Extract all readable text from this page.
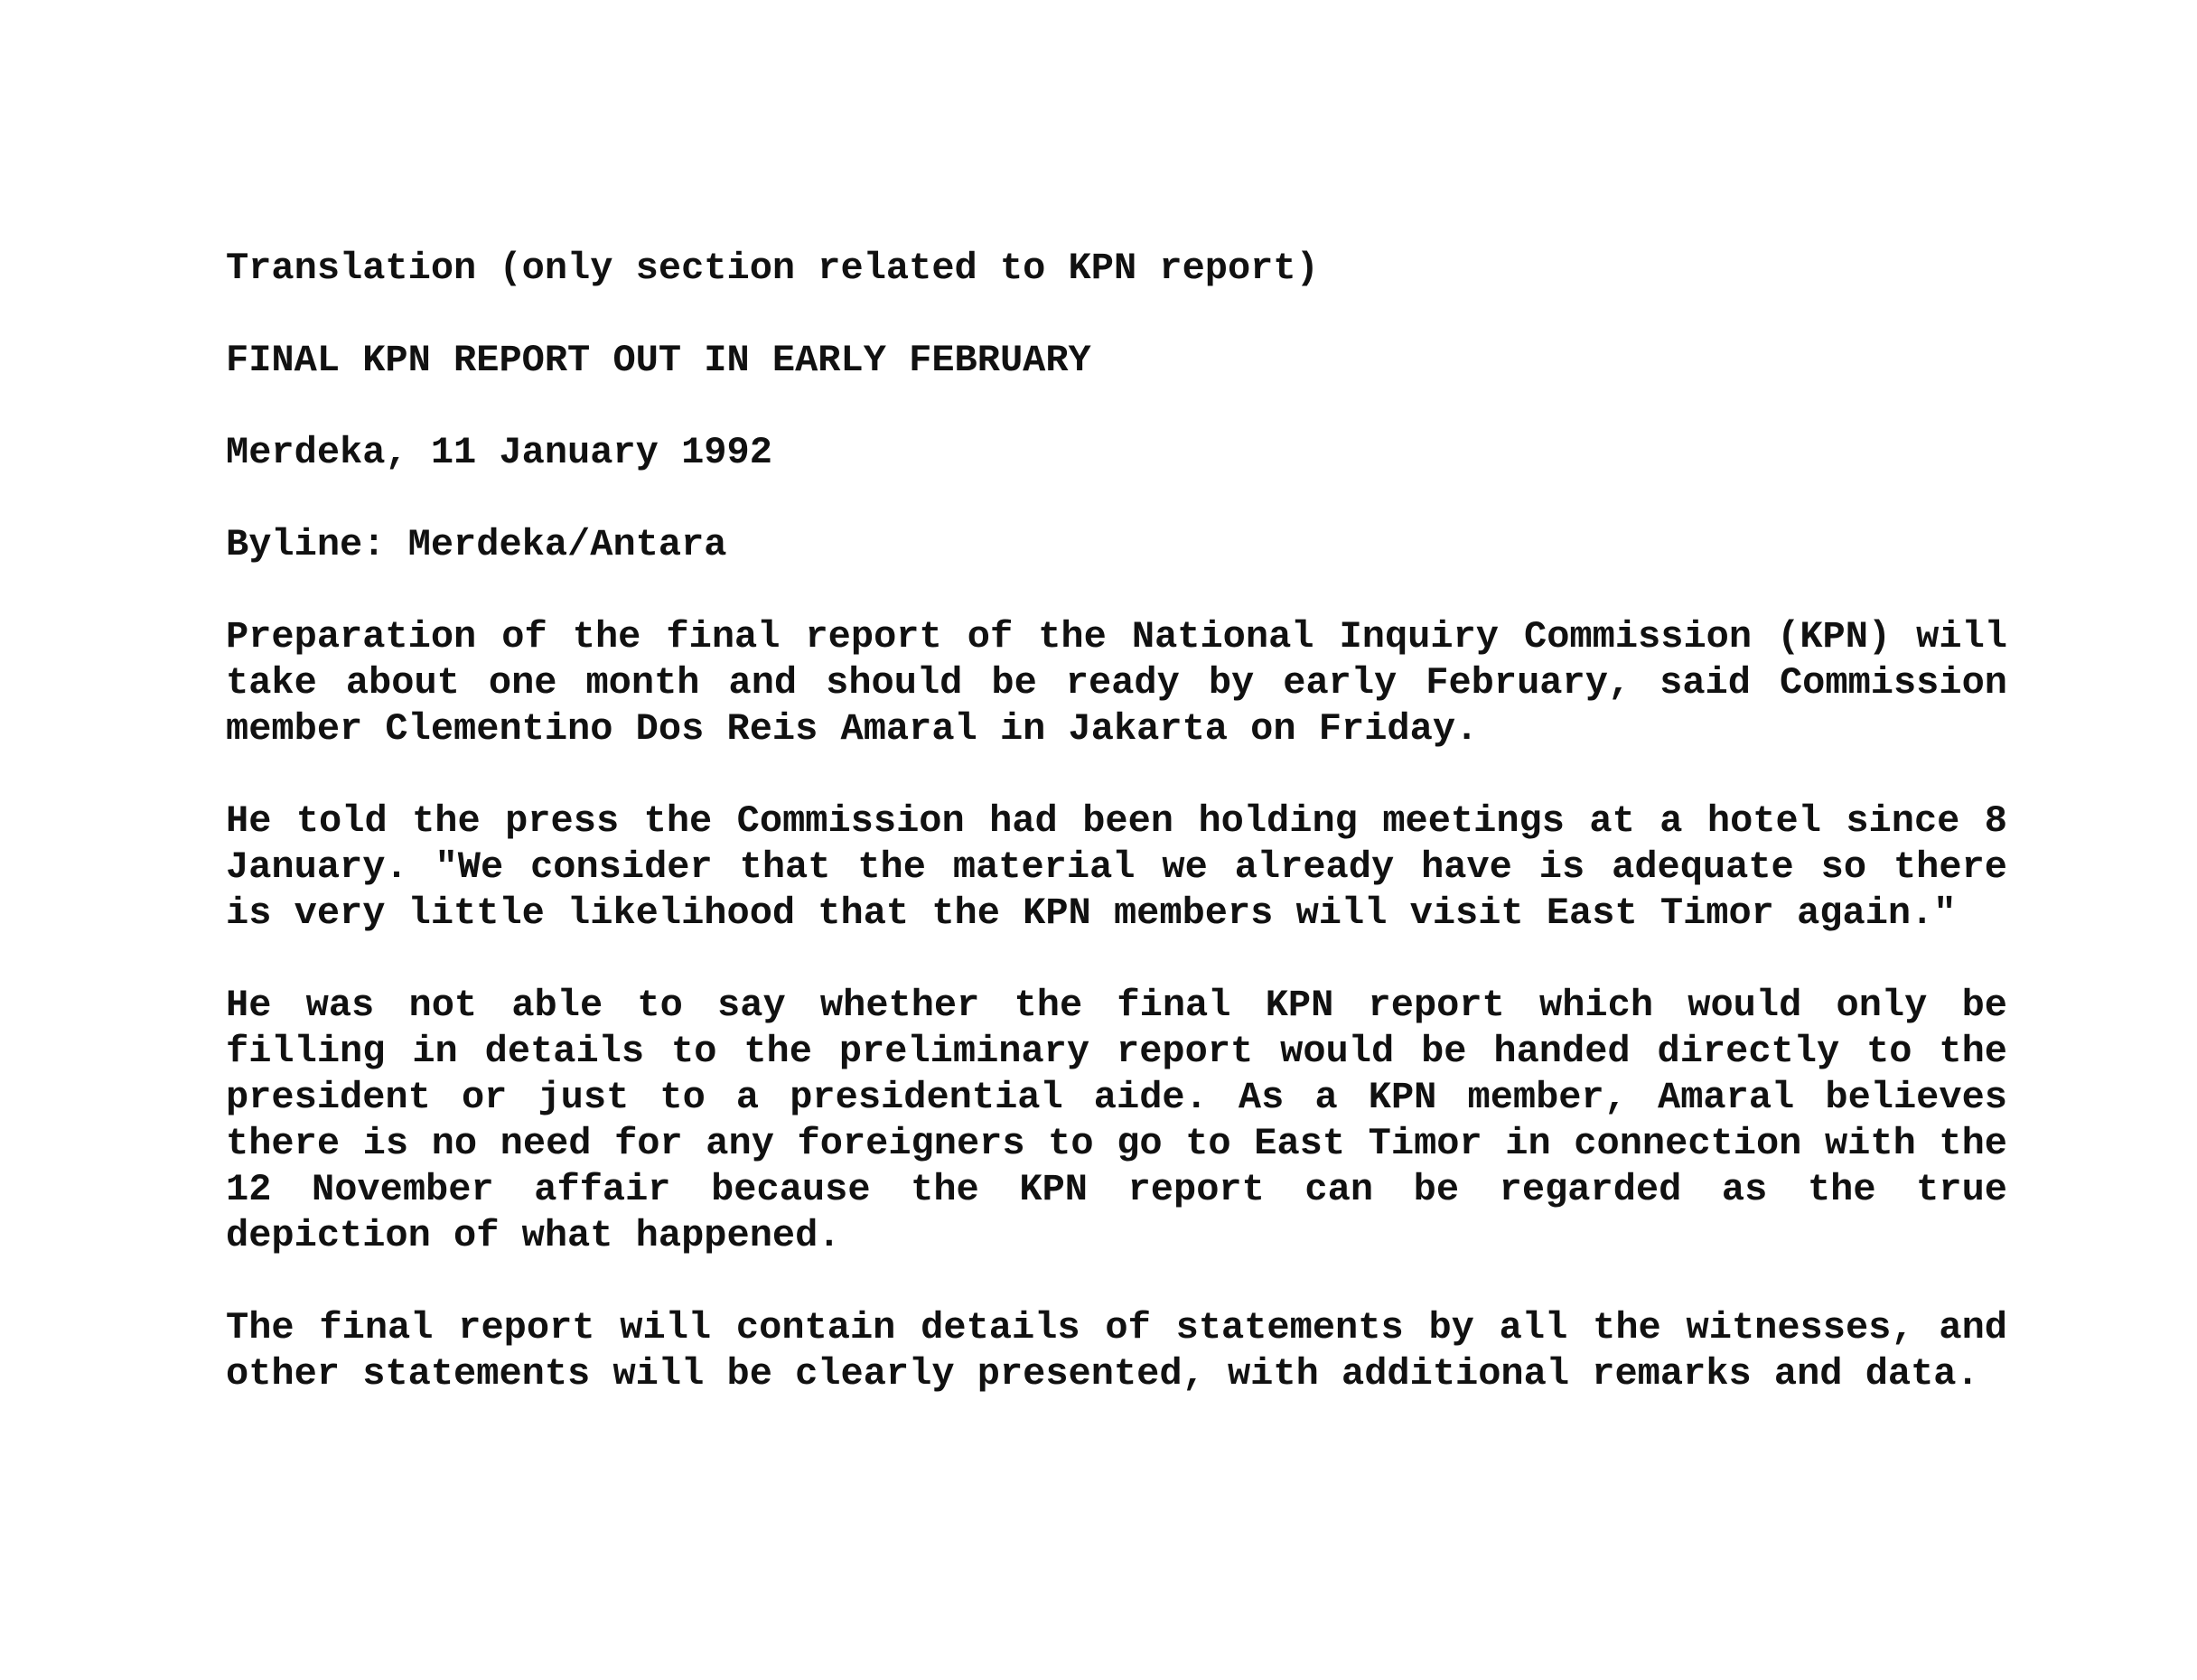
Translation (only section related to KPN report)

FINAL KPN REPORT OUT IN EARLY FEBRUARY

Merdeka, 11 January 1992

Byline: Merdeka/Antara

Preparation of the final report of the National Inquiry Commission (KPN) will take about one month and should be ready by early February, said Commission member Clementino Dos Reis Amaral in Jakarta on Friday.

He told the press the Commission had been holding meetings at a hotel since 8 January. "We consider that the material we already have is adequate so there is very little likelihood that the KPN members will visit East Timor again."

He was not able to say whether the final KPN report which would only be filling in details to the preliminary report would be handed directly to the president or just to a presidential aide. As a KPN member, Amaral believes there is no need for any foreigners to go to East Timor in connection with the 12 November affair because the KPN report can be regarded as the true depiction of what happened.

The final report will contain details of statements by all the witnesses, and other statements will be clearly presented, with additional remarks and data.
